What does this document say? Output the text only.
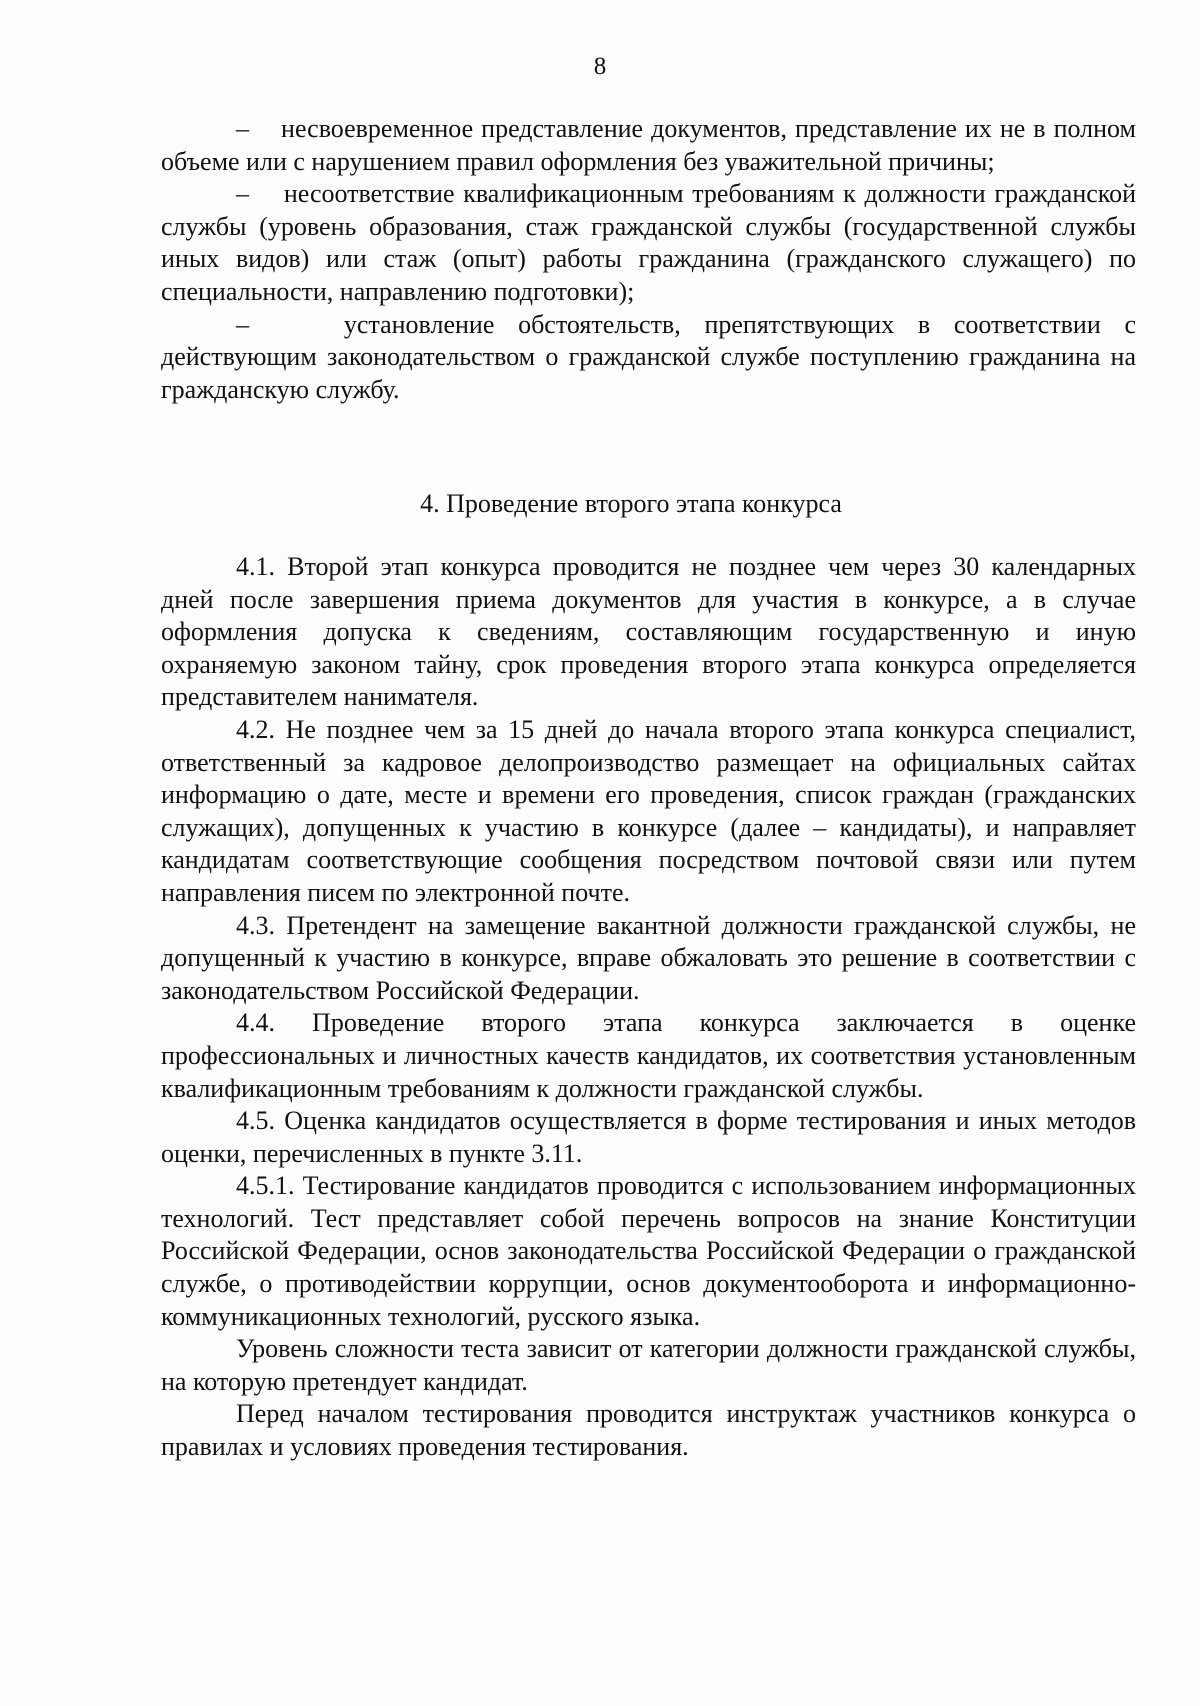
8

–    несвоевременное представление документов, представление их не в полном объеме или с нарушением правил оформления без уважительной причины;

–    несоответствие квалификационным требованиям к должности гражданской службы (уровень образования, стаж гражданской службы (государственной службы иных видов) или стаж (опыт) работы гражданина (гражданского служащего) по специальности, направлению подготовки);

–    установление обстоятельств, препятствующих в соответствии с действующим законодательством о гражданской службе поступлению гражданина на гражданскую службу.

4. Проведение второго этапа конкурса

4.1. Второй этап конкурса проводится не позднее чем через 30 календарных дней после завершения приема документов для участия в конкурсе, а в случае оформления допуска к сведениям, составляющим государственную и иную охраняемую законом тайну, срок проведения второго этапа конкурса определяется представителем нанимателя.

4.2. Не позднее чем за 15 дней до начала второго этапа конкурса специалист, ответственный за кадровое делопроизводство размещает на официальных сайтах информацию о дате, месте и времени его проведения, список граждан (гражданских служащих), допущенных к участию в конкурсе (далее – кандидаты), и направляет кандидатам соответствующие сообщения посредством почтовой связи или путем направления писем по электронной почте.

4.3. Претендент на замещение вакантной должности гражданской службы, не допущенный к участию в конкурсе, вправе обжаловать это решение в соответствии с законодательством Российской Федерации.

4.4. Проведение второго этапа конкурса заключается в оценке профессиональных и личностных качеств кандидатов, их соответствия установленным квалификационным требованиям к должности гражданской службы.

4.5. Оценка кандидатов осуществляется в форме тестирования и иных методов оценки, перечисленных в пункте 3.11.

4.5.1. Тестирование кандидатов проводится с использованием информационных технологий. Тест представляет собой перечень вопросов на знание Конституции Российской Федерации, основ законодательства Российской Федерации о гражданской службе, о противодействии коррупции, основ документооборота и информационно-коммуникационных технологий, русского языка.

Уровень сложности теста зависит от категории должности гражданской службы, на которую претендует кандидат.

Перед началом тестирования проводится инструктаж участников конкурса о правилах и условиях проведения тестирования.
